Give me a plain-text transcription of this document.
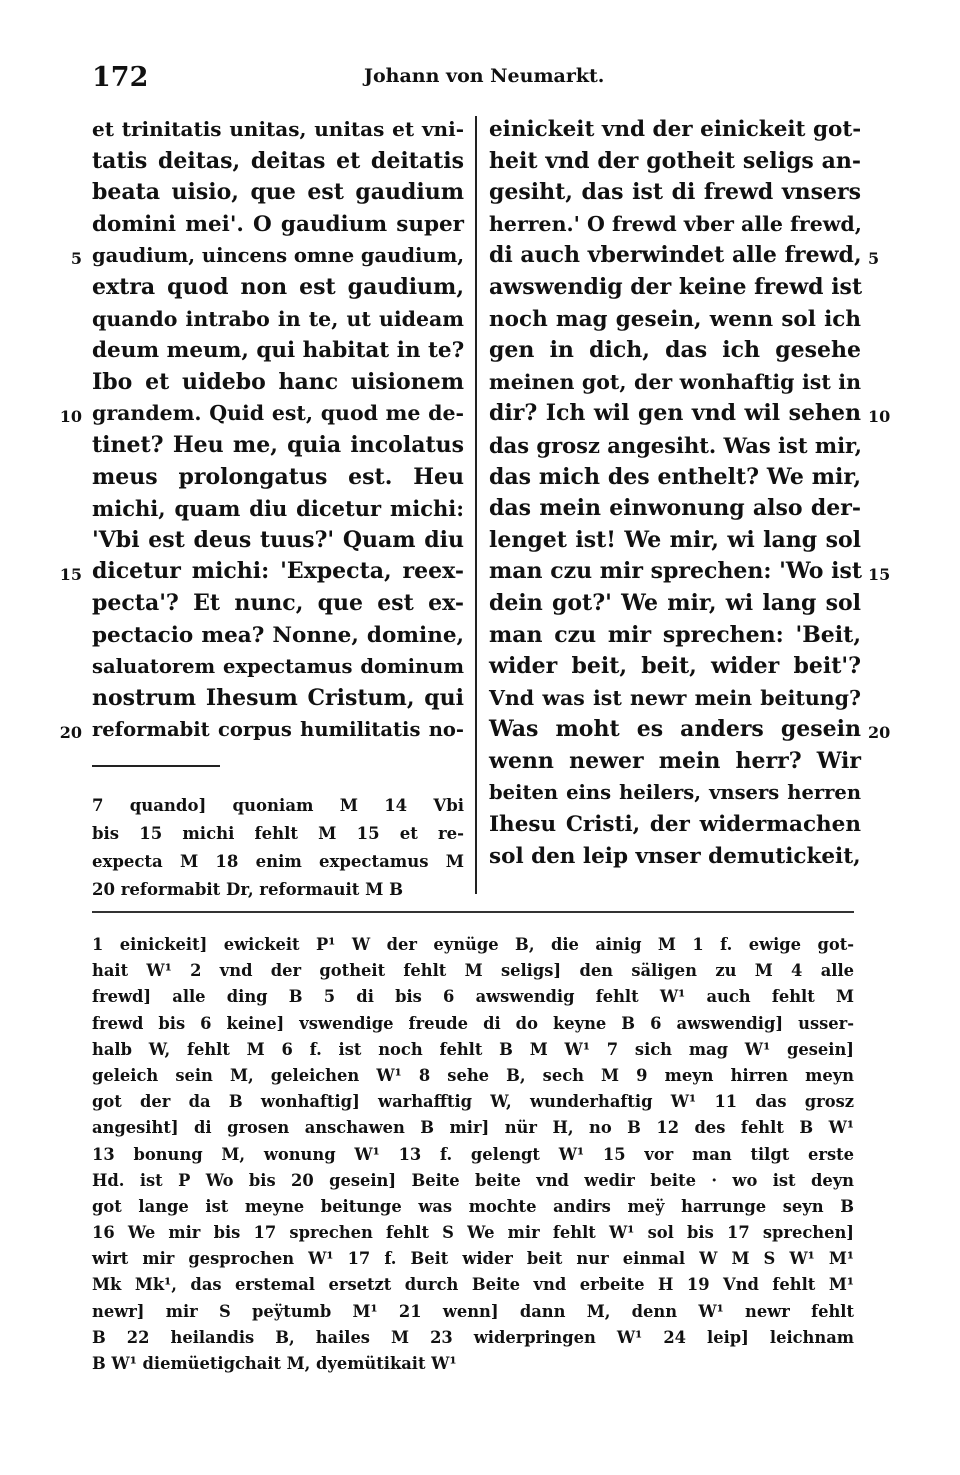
172	Johann von Neumarkt.
et trinitatis unitas, unitas et vni-
tatis deitas, deitas et deitatis
beata uisio, que est gaudium
domini mei'. O gaudium super
gaudium, uincens omne gaudium,
extra quod non est gaudium,
quando intrabo in te, ut uideam
deum meum, qui habitat in te?
Ibo et uidebo hanc uisionem
grandem. Quid est, quod me de-
tinet? Heu me, quia incolatus
meus prolongatus est. Heu
michi, quam diu dicetur michi:
'Vbi est deus tuus?' Quam diu
dicetur michi: 'Expecta, reex-
pecta'? Et nunc, que est ex-
pectacio mea? Nonne, domine,
saluatorem expectamus dominum
nostrum Ihesum Cristum, qui
reformabit corpus humilitatis no-
einickeit vnd der einickeit got-
heit vnd der gotheit seligs an-
gesiht, das ist di frewd vnsers
herren.' O frewd vber alle frewd,
di auch vberwindet alle frewd,
awswendig der keine frewd ist
noch mag gesein, wenn sol ich
gen in dich, das ich gesehe
meinen got, der wonhaftig ist in
dir? Ich wil gen vnd wil sehen
das grosz angesiht. Was ist mir,
das mich des enthelt? We mir,
das mein einwonung also der-
lenget ist! We mir, wi lang sol
man czu mir sprechen: 'Wo ist
dein got?' We mir, wi lang sol
man czu mir sprechen: 'Beit,
wider beit, beit, wider beit'?
Vnd was ist newr mein beitung?
Was moht es anders gesein
wenn newer mein herr? Wir
beiten eins heilers, vnsers herren
Ihesu Cristi, der widermachen
sol den leip vnser demutickeit,
5
10
15
20
5
10
15
20
7 quando] quoniam M 14 Vbi
bis 15 michi fehlt M 15 et re-
expecta M 18 enim expectamus M
20 reformabit Dr, reformauit M B
1 einickeit] ewickeit P¹ W der eynüge B, die ainig M 1 f. ewige got-
hait W¹ 2 vnd der gotheit fehlt M seligs] den säligen zu M 4 alle
frewd] alle ding B 5 di bis 6 awswendig fehlt W¹ auch fehlt M
frewd bis 6 keine] vswendige freude di do keyne B 6 awswendig] usser-
halb W, fehlt M 6 f. ist noch fehlt B M W¹ 7 sich mag W¹ gesein]
geleich sein M, geleichen W¹ 8 sehe B, sech M 9 meyn hirren meyn
got der da B wonhaftig] warhafftig W, wunderhaftig W¹ 11 das grosz
angesiht] di grosen anschawen B mir] nür H, no B 12 des fehlt B W¹
13 bonung M, wonung W¹ 13 f. gelengt W¹ 15 vor man tilgt erste
Hd. ist P Wo bis 20 gesein] Beite beite vnd wedir beite · wo ist deyn
got lange ist meyne beitunge was mochte andirs meÿ harrunge seyn B
16 We mir bis 17 sprechen fehlt S We mir fehlt W¹ sol bis 17 sprechen]
wirt mir gesprochen W¹ 17 f. Beit wider beit nur einmal W M S W¹ M¹
Mk Mk¹, das erstemal ersetzt durch Beite vnd erbeite H 19 Vnd fehlt M¹
newr] mir S peÿtumb M¹ 21 wenn] dann M, denn W¹ newr fehlt
B 22 heilandis B, hailes M 23 widerpringen W¹ 24 leip] leichnam
B W¹ diemüetigchait M, dyemütikait W¹
